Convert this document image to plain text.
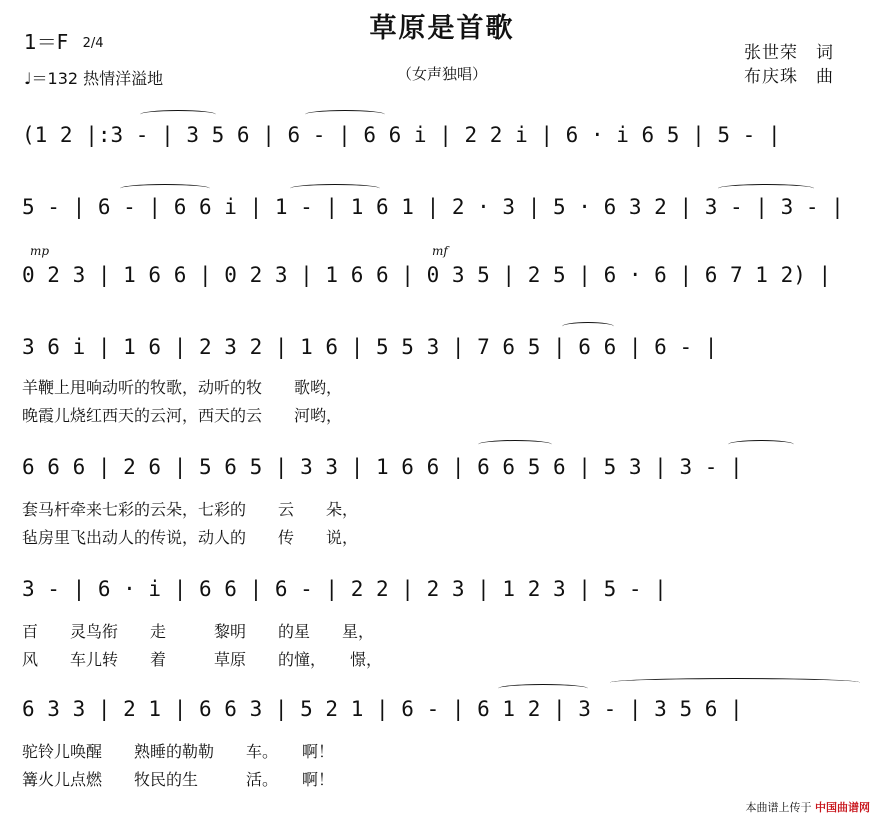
草原是首歌
（女声独唱）
1＝F 2/4
♩＝132 热情洋溢地
张世荣　词
布庆珠　曲
(1 2 |:3 - | 3 5 6 | 6 - | 6 6 i | 2 2 i | 6 · i 6 5 | 5 - |
5 - | 6 - | 6 6 i | 1 - | 1 6 1 | 2 · 3 | 5 · 6 3 2 | 3 - | 3 - |
mp	mf
0 2 3 | 1 6 6 | 0 2 3 | 1 6 6 | 0 3 5 | 2 5 | 6 · 6 | 6 7 1 2) |
3 6 i | 1 6 | 2 3 2 | 1 6 | 5 5 3 | 7 6 5 | 6 6 | 6 - |
羊鞭上甩响动听的牧歌，动听的牧　　歌哟，
晚霞儿烧红西天的云河，西天的云　　河哟，
6 6 6 | 2 6 | 5 6 5 | 3 3 | 1 6 6 | 6 6 5 6 | 5 3 | 3 - |
套马杆牵来七彩的云朵，七彩的　　云　　朵，
毡房里飞出动人的传说，动人的　　传　　说，
3 - | 6 · i | 6 6 | 6 - | 2 2 | 2 3 | 1 2 3 | 5 - |
百　　灵鸟衔　　走　　　黎明　　的星　　星，
风　　车儿转　　着　　　草原　　的憧，　　憬，
6 3 3 | 2 1 | 6 6 3 | 5 2 1 | 6 - | 6 1 2 | 3 - | 3 5 6 |
驼铃儿唤醒　　熟睡的勒勒　　车。　　啊！
篝火儿点燃　　牧民的生　　　活。　　啊！
本曲谱上传于 中国曲谱网
